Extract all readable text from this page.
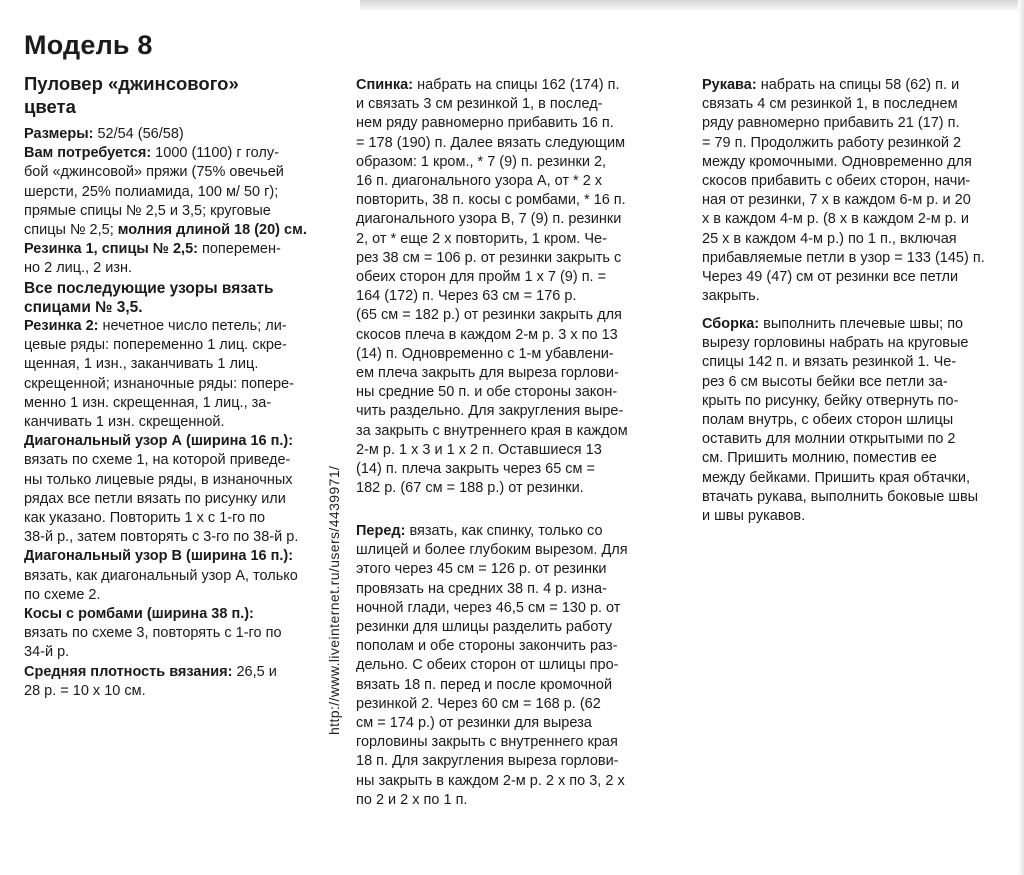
Модель 8
Пуловер «джинсового»
цвета
Размеры: 52/54 (56/58)
Вам потребуется: 1000 (1100) г голу-
бой «джинсовой» пряжи (75% овечьей
шерсти, 25% полиамида, 100 м/ 50 г);
прямые спицы № 2,5 и 3,5; круговые
спицы № 2,5; молния длиной 18 (20) см.
Резинка 1, спицы № 2,5: поперемен-
но 2 лиц., 2 изн.
Все последующие узоры вязать
спицами № 3,5.
Резинка 2: нечетное число петель; ли-
цевые ряды: попеременно 1 лиц. скре-
щенная, 1 изн., заканчивать 1 лиц.
скрещенной; изнаночные ряды: попере-
менно 1 изн. скрещенная, 1 лиц., за-
канчивать 1 изн. скрещенной.
Диагональный узор А (ширина 16 п.):
вязать по схеме 1, на которой приведе-
ны только лицевые ряды, в изнаночных
рядах все петли вязать по рисунку или
как указано. Повторить 1 х с 1-го по
38-й р., затем повторять с 3-го по 38-й р.
Диагональный узор В (ширина 16 п.):
вязать, как диагональный узор А, только
по схеме 2.
Косы с ромбами (ширина 38 п.):
вязать по схеме 3, повторять с 1-го по
34-й р.
Средняя плотность вязания: 26,5 и
28 р. = 10 х 10 см.
Спинка: набрать на спицы 162 (174) п.
и связать 3 см резинкой 1, в послед-
нем ряду равномерно прибавить 16 п.
= 178 (190) п. Далее вязать следующим
образом: 1 кром., * 7 (9) п. резинки 2,
16 п. диагонального узора А, от * 2 х
повторить, 38 п. косы с ромбами, * 16 п.
диагонального узора В, 7 (9) п. резинки
2, от * еще 2 х повторить, 1 кром. Че-
рез 38 см = 106 р. от резинки закрыть с
обеих сторон для пройм 1 х 7 (9) п. =
164 (172) п. Через 63 см = 176 р.
(65 см = 182 р.) от резинки закрыть для
скосов плеча в каждом 2-м р. 3 х по 13
(14) п. Одновременно с 1-м убавлени-
ем плеча закрыть для выреза горлови-
ны средние 50 п. и обе стороны закон-
чить раздельно. Для закругления выре-
за закрыть с внутреннего края в каждом
2-м р. 1 х 3 и 1 х 2 п. Оставшиеся 13
(14) п. плеча закрыть через 65 см =
182 р. (67 см = 188 р.) от резинки.
Перед: вязать, как спинку, только со
шлицей и более глубоким вырезом. Для
этого через 45 см = 126 р. от резинки
провязать на средних 38 п. 4 р. изна-
ночной глади, через 46,5 см = 130 р. от
резинки для шлицы разделить работу
пополам и обе стороны закончить раз-
дельно. С обеих сторон от шлицы про-
вязать 18 п. перед и после кромочной
резинкой 2. Через 60 см = 168 р. (62
см = 174 р.) от резинки для выреза
горловины закрыть с внутреннего края
18 п. Для закругления выреза горлови-
ны закрыть в каждом 2-м р. 2 х по 3, 2 х
по 2 и 2 х по 1 п.
Рукава: набрать на спицы 58 (62) п. и
связать 4 см резинкой 1, в последнем
ряду равномерно прибавить 21 (17) п.
= 79 п. Продолжить работу резинкой 2
между кромочными. Одновременно для
скосов прибавить с обеих сторон, начи-
ная от резинки, 7 х в каждом 6-м р. и 20
х в каждом 4-м р. (8 х в каждом 2-м р. и
25 х в каждом 4-м р.) по 1 п., включая
прибавляемые петли в узор = 133 (145) п.
Через 49 (47) см от резинки все петли
закрыть.
Сборка: выполнить плечевые швы; по
вырезу горловины набрать на круговые
спицы 142 п. и вязать резинкой 1. Че-
рез 6 см высоты бейки все петли за-
крыть по рисунку, бейку отвернуть по-
полам внутрь, с обеих сторон шлицы
оставить для молнии открытыми по 2
см. Пришить молнию, поместив ее
между бейками. Пришить края обтачки,
втачать рукава, выполнить боковые швы
и швы рукавов.
http://www.liveinternet.ru/users/4439971/
